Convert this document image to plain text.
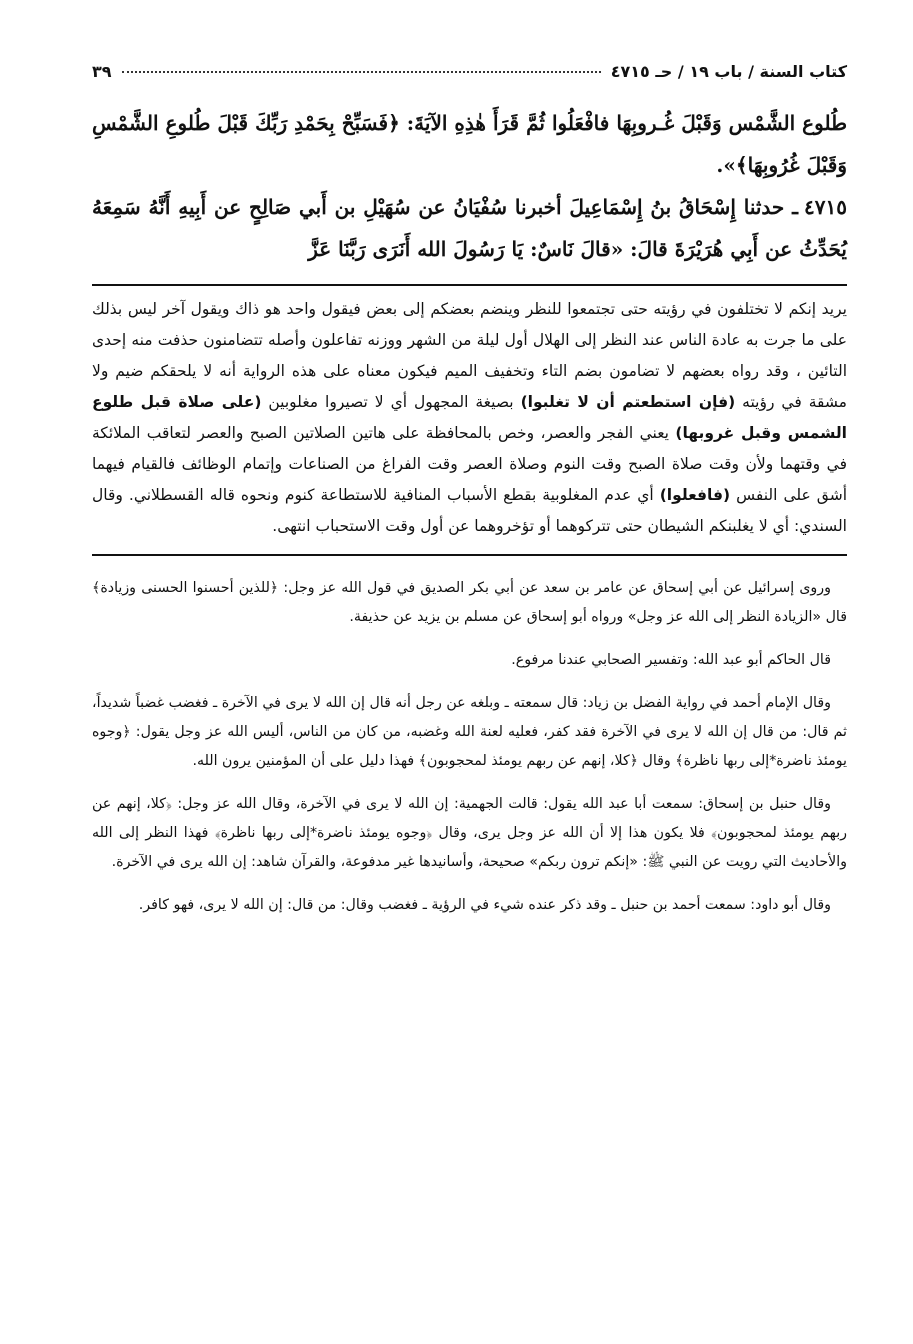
كتاب السنة / باب ١٩ / حـ ٤٧١٥
٣٩
طُلوع الشَّمْس وَقَبْلَ غُـروبِهَا فافْعَلُوا ثُمَّ قَرَأَ هٰذِهِ الآيَةَ: ﴿فَسَبِّحْ بِحَمْدِ رَبِّكَ قَبْلَ طُلوعِ الشَّمْسِ وَقَبْلَ غُرُوبِهَا﴾».
٤٧١٥ـ حدثنا إِسْحَاقُ بنُ إِسْمَاعِيلَ أخبرنا سُفْيَانُ عن سُهَيْلِ بن أَبي صَالِحٍ عن أَبِيهِ أَنَّهُ سَمِعَهُ يُحَدِّثُ عن أَبِي هُرَيْرَةَ قالَ: «قالَ نَاسٌ: يَا رَسُولَ الله أَنَرَى رَبَّنَا عَزَّ

يريد إنكم لا تختلفون في رؤيته حتى تجتمعوا للنظر وينضم بعضكم إلى بعض فيقول واحد هو ذاك ويقول آخر ليس بذلك على ما جرت به عادة الناس عند النظر إلى الهلال أول ليلة من الشهر ووزنه تفاعلون وأصله تتضامنون حذفت منه إحدى التائين ، وقد رواه بعضهم لا تضامون بضم التاء وتخفيف الميم فيكون معناه على هذه الرواية أنه لا يلحقكم ضيم ولا مشقة في رؤيته (فإن استطعتم أن لا تغلبوا) بصيغة المجهول أي لا تصيروا مغلوبين (على صلاة قبل طلوع الشمس وقبل غروبها) يعني الفجر والعصر، وخص بالمحافظة على هاتين الصلاتين الصبح والعصر لتعاقب الملائكة في وقتهما ولأن وقت صلاة الصبح وقت النوم وصلاة العصر وقت الفراغ من الصناعات وإتمام الوظائف فالقيام فيهما أشق على النفس (فافعلوا) أي عدم المغلوبية بقطع الأسباب المنافية للاستطاعة كنوم ونحوه قاله القسطلاني. وقال السندي: أي لا يغلبنكم الشيطان حتى تتركوهما أو تؤخروهما عن أول وقت الاستحباب انتهى.

وروى إسرائيل عن أبي إسحاق عن عامر بن سعد عن أبي بكر الصديق في قول الله عز وجل: ﴿للذين أحسنوا الحسنى وزيادة﴾ قال «الزيادة النظر إلى الله عز وجل» ورواه أبو إسحاق عن مسلم بن يزيد عن حذيفة.

قال الحاكم أبو عبد الله: وتفسير الصحابي عندنا مرفوع.

وقال الإمام أحمد في رواية الفضل بن زياد: قال سمعته ـ وبلغه عن رجل أنه قال إن الله لا يرى في الآخرة ـ فغضب غضباً شديداً، ثم قال: من قال إن الله لا يرى في الآخرة فقد كفر، فعليه لعنة الله وغضبه، من كان من الناس، أليس الله عز وجل يقول: ﴿وجوه يومئذ ناضرة*إلى ربها ناظرة﴾ وقال ﴿كلا، إنهم عن ربهم يومئذ لمحجوبون﴾ فهذا دليل على أن المؤمنين يرون الله.

وقال حنبل بن إسحاق: سمعت أبا عبد الله يقول: قالت الجهمية: إن الله لا يرى في الآخرة، وقال الله عز وجل: ﴿كلا، إنهم عن ربهم يومئذ لمحجوبون﴾ فلا يكون هذا إلا أن الله عز وجل يرى، وقال ﴿وجوه يومئذ ناضرة*إلى ربها ناظرة﴾ فهذا النظر إلى الله والأحاديث التي رويت عن النبي ﷺ: «إنكم ترون ربكم» صحيحة، وأسانيدها غير مدفوعة، والقرآن شاهد: إن الله يرى في الآخرة.

وقال أبو داود: سمعت أحمد بن حنبل ـ وقد ذكر عنده شيء في الرؤية ـ فغضب وقال: من قال: إن الله لا يرى، فهو كافر.
